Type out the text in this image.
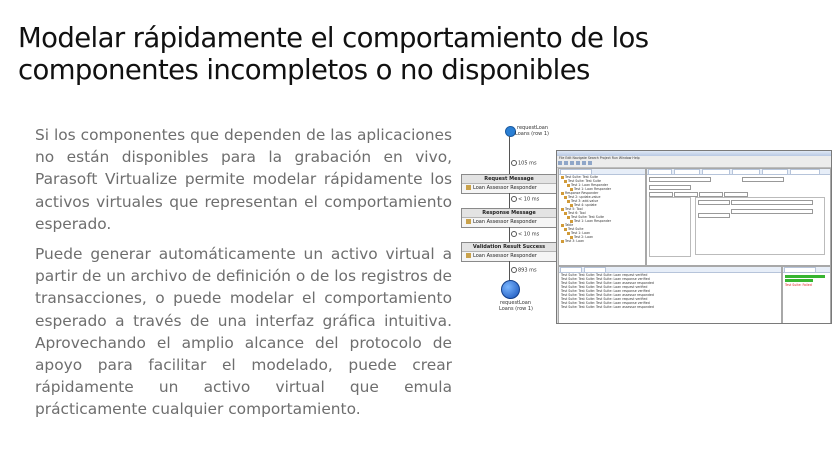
Modelar rápidamente el comportamiento de los
componentes incompletos o no disponibles

Si los componentes que dependen de las aplicaciones no están disponibles para la grabación en vivo, Parasoft Virtualize permite modelar rápidamente los activos virtuales que representan el comportamiento esperado.

Puede generar automáticamente un activo virtual a partir de un archivo de definición o de los registros de transacciones, o puede modelar el comportamiento esperado a través de una interfaz gráfica intuitiva. Aprovechando el amplio alcance del protocolo de apoyo para facilitar el modelado, puede crear rápidamente un activo virtual que emula prácticamente cualquier comportamiento.

requestLoan
Loans (row 1)
105 ms
Request Message
Loan Assessor Responder
< 10 ms
Response Message
Loan Assessor Responder
< 10 ms
Validation Result Success
Loan Assessor Responder
893 ms
requestLoan
Loans (row 1)
File Edit Navigate Search Project Run Window Help
Test Suite: Test Suite
Test Suite: Test Suite
Test 1: Loan Responder
Test 1: Loan Responder
Response Responder
Test 2: update-value
Test 3: add-value
Test 4: update
Test 5: Tool
Test 6: Tool
Test Suite: Test Suite
Test 1: Loan Responder
Table
Test Suite
Test 1: Loan
Test 2: Loan
Test 3: Loan

Test Suite: Test Suite: Test Suite: Loan request verified
Test Suite: Test Suite: Test Suite: Loan response verified
Test Suite: Test Suite: Test Suite: Loan assessor responded
Test Suite: Test Suite: Test Suite: Loan request verified
Test Suite: Test Suite: Test Suite: Loan response verified
Test Suite: Test Suite: Test Suite: Loan assessor responded
Test Suite: Test Suite: Test Suite: Loan request verified
Test Suite: Test Suite: Test Suite: Loan response verified
Test Suite: Test Suite: Test Suite: Loan assessor responded
Test Suite: Failed
